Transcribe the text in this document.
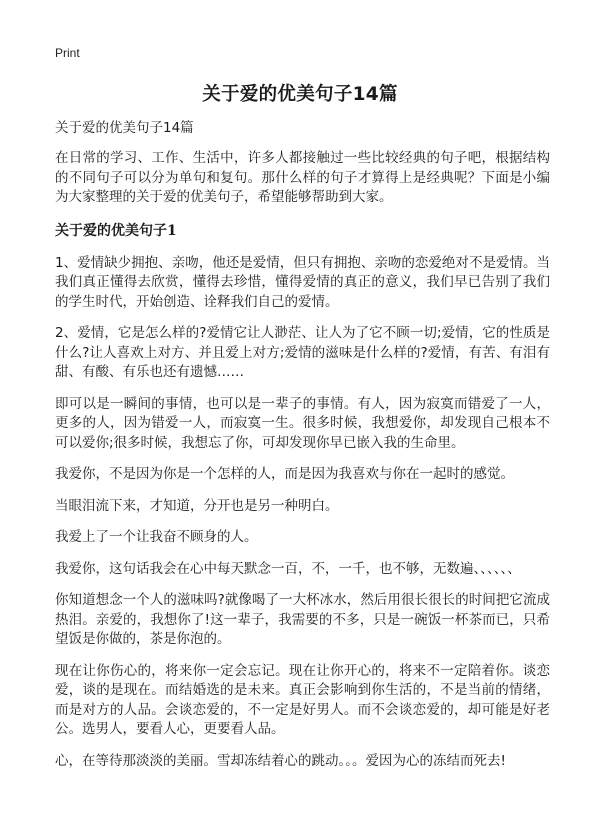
Print
关于爱的优美句子14篇
关于爱的优美句子14篇

在日常的学习、工作、生活中，许多人都接触过一些比较经典的句子吧，根据结构的不同句子可以分为单句和复句。那什么样的句子才算得上是经典呢？下面是小编为大家整理的关于爱的优美句子，希望能够帮助到大家。

关于爱的优美句子1

1、爱情缺少拥抱、亲吻，他还是爱情，但只有拥抱、亲吻的恋爱绝对不是爱情。当我们真正懂得去欣赏，懂得去珍惜，懂得爱情的真正的意义，我们早已告别了我们的学生时代，开始创造、诠释我们自己的爱情。

2、爱情，它是怎么样的?爱情它让人渺茫、让人为了它不顾一切;爱情，它的性质是什么?让人喜欢上对方、并且爱上对方;爱情的滋味是什么样的?爱情，有苦、有泪有甜、有酸、有乐也还有遗憾……

即可以是一瞬间的事情，也可以是一辈子的事情。有人，因为寂寞而错爱了一人，更多的人，因为错爱一人，而寂寞一生。很多时候，我想爱你，却发现自己根本不可以爱你;很多时候，我想忘了你，可却发现你早已嵌入我的生命里。

我爱你，不是因为你是一个怎样的人，而是因为我喜欢与你在一起时的感觉。

当眼泪流下来，才知道，分开也是另一种明白。

我爱上了一个让我奋不顾身的人。

我爱你，这句话我会在心中每天默念一百，不，一千，也不够，无数遍、、、、、、

你知道想念一个人的滋味吗?就像喝了一大杯冰水，然后用很长很长的时间把它流成热泪。亲爱的，我想你了!这一辈子，我需要的不多，只是一碗饭一杯茶而已，只希望饭是你做的，茶是你泡的。

现在让你伤心的，将来你一定会忘记。现在让你开心的，将来不一定陪着你。谈恋爱，谈的是现在。而结婚选的是未来。真正会影响到你生活的，不是当前的情绪，而是对方的人品。会谈恋爱的，不一定是好男人。而不会谈恋爱的，却可能是好老公。选男人，要看人心，更要看人品。

心，在等待那淡淡的美丽。雪却冻结着心的跳动。。。爱因为心的冻结而死去!
